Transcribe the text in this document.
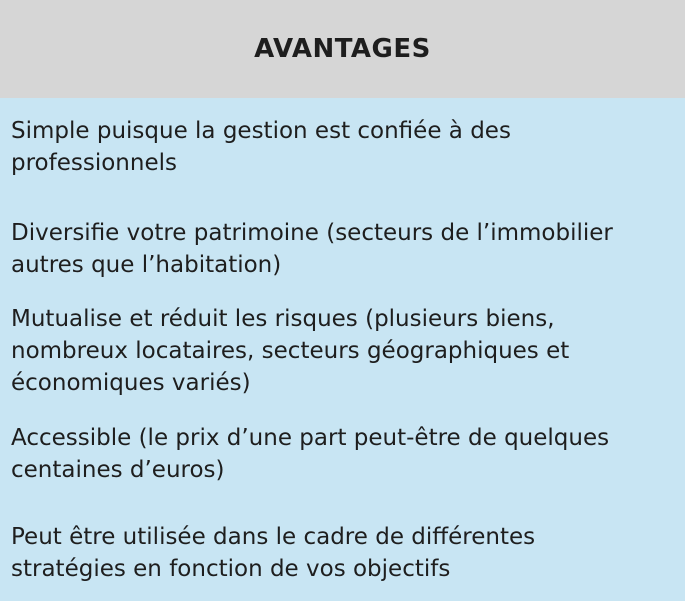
AVANTAGES
Simple puisque la gestion est confiée à des
professionnels
Diversifie votre patrimoine (secteurs de l’immobilier
autres que l’habitation)
Mutualise et réduit les risques (plusieurs biens,
nombreux locataires, secteurs géographiques et
économiques variés)
Accessible (le prix d’une part peut-être de quelques
centaines d’euros)
Peut être utilisée dans le cadre de différentes
stratégies en fonction de vos objectifs
